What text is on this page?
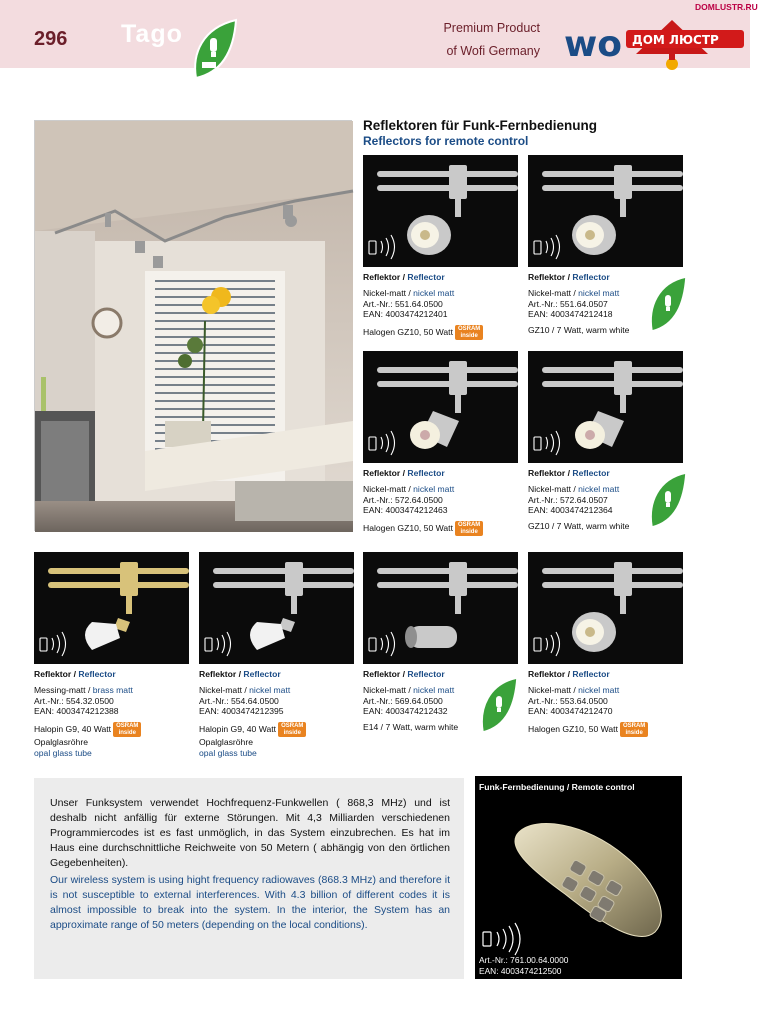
296 Tago	Premium Product
of Wofi Germany wo ДОМ ЛЮСТР
DOMLUSTR.RU
Reflektoren für Funk-Fernbedienung
Reflectors for remote control
Reflektor / Reflector
Nickel-matt / nickel matt
Art.-Nr.: 551.64.0500
EAN: 4003474212401
Halogen GZ10, 50 Watt OSRAM
inside
Reflektor / Reflector
Nickel-matt / nickel matt
Art.-Nr.: 551.64.0507
EAN: 4003474212418
GZ10 / 7 Watt, warm white
Reflektor / Reflector
Nickel-matt / nickel matt
Art.-Nr.: 572.64.0500
EAN: 4003474212463
Halogen GZ10, 50 Watt OSRAM
inside
Reflektor / Reflector
Nickel-matt / nickel matt
Art.-Nr.: 572.64.0507
EAN: 4003474212364
GZ10 / 7 Watt, warm white
Reflektor / Reflector
Messing-matt / brass matt
Art.-Nr.: 554.32.0500
EAN: 4003474212388
Halopin G9, 40 Watt OSRAM
inside
Opalglasröhre
opal glass tube
Reflektor / Reflector
Nickel-matt / nickel matt
Art.-Nr.: 554.64.0500
EAN: 4003474212395
Halopin G9, 40 Watt OSRAM
inside
Opalglasröhre
opal glass tube
Reflektor / Reflector
Nickel-matt / nickel matt
Art.-Nr.: 569.64.0500
EAN: 4003474212432
E14 / 7 Watt, warm white
Reflektor / Reflector
Nickel-matt / nickel matt
Art.-Nr.: 553.64.0500
EAN: 4003474212470
Halogen GZ10, 50 Watt OSRAM
inside
Unser Funksystem verwendet Hochfrequenz-Funkwellen ( 868,3 MHz) und ist deshalb nicht anfällig für externe Störungen. Mit 4,3 Milliarden verschiedenen Programmiercodes ist es fast unmöglich, in das System einzubrechen. Es hat im Haus eine durchschnittliche Reichweite von 50 Metern ( abhängig von den örtlichen Gegebenheiten).
Our wireless system is using hight frequency radiowaves (868.3 MHz) and therefore it is not susceptible to external interferences. With 4.3 billion of different codes it is almost impossible to break into the system. In the interior, the System has an approximate range of 50 meters (depending on the local conditions).
Funk-Fernbedienung / Remote control
Art.-Nr.: 761.00.64.0000
EAN: 4003474212500
